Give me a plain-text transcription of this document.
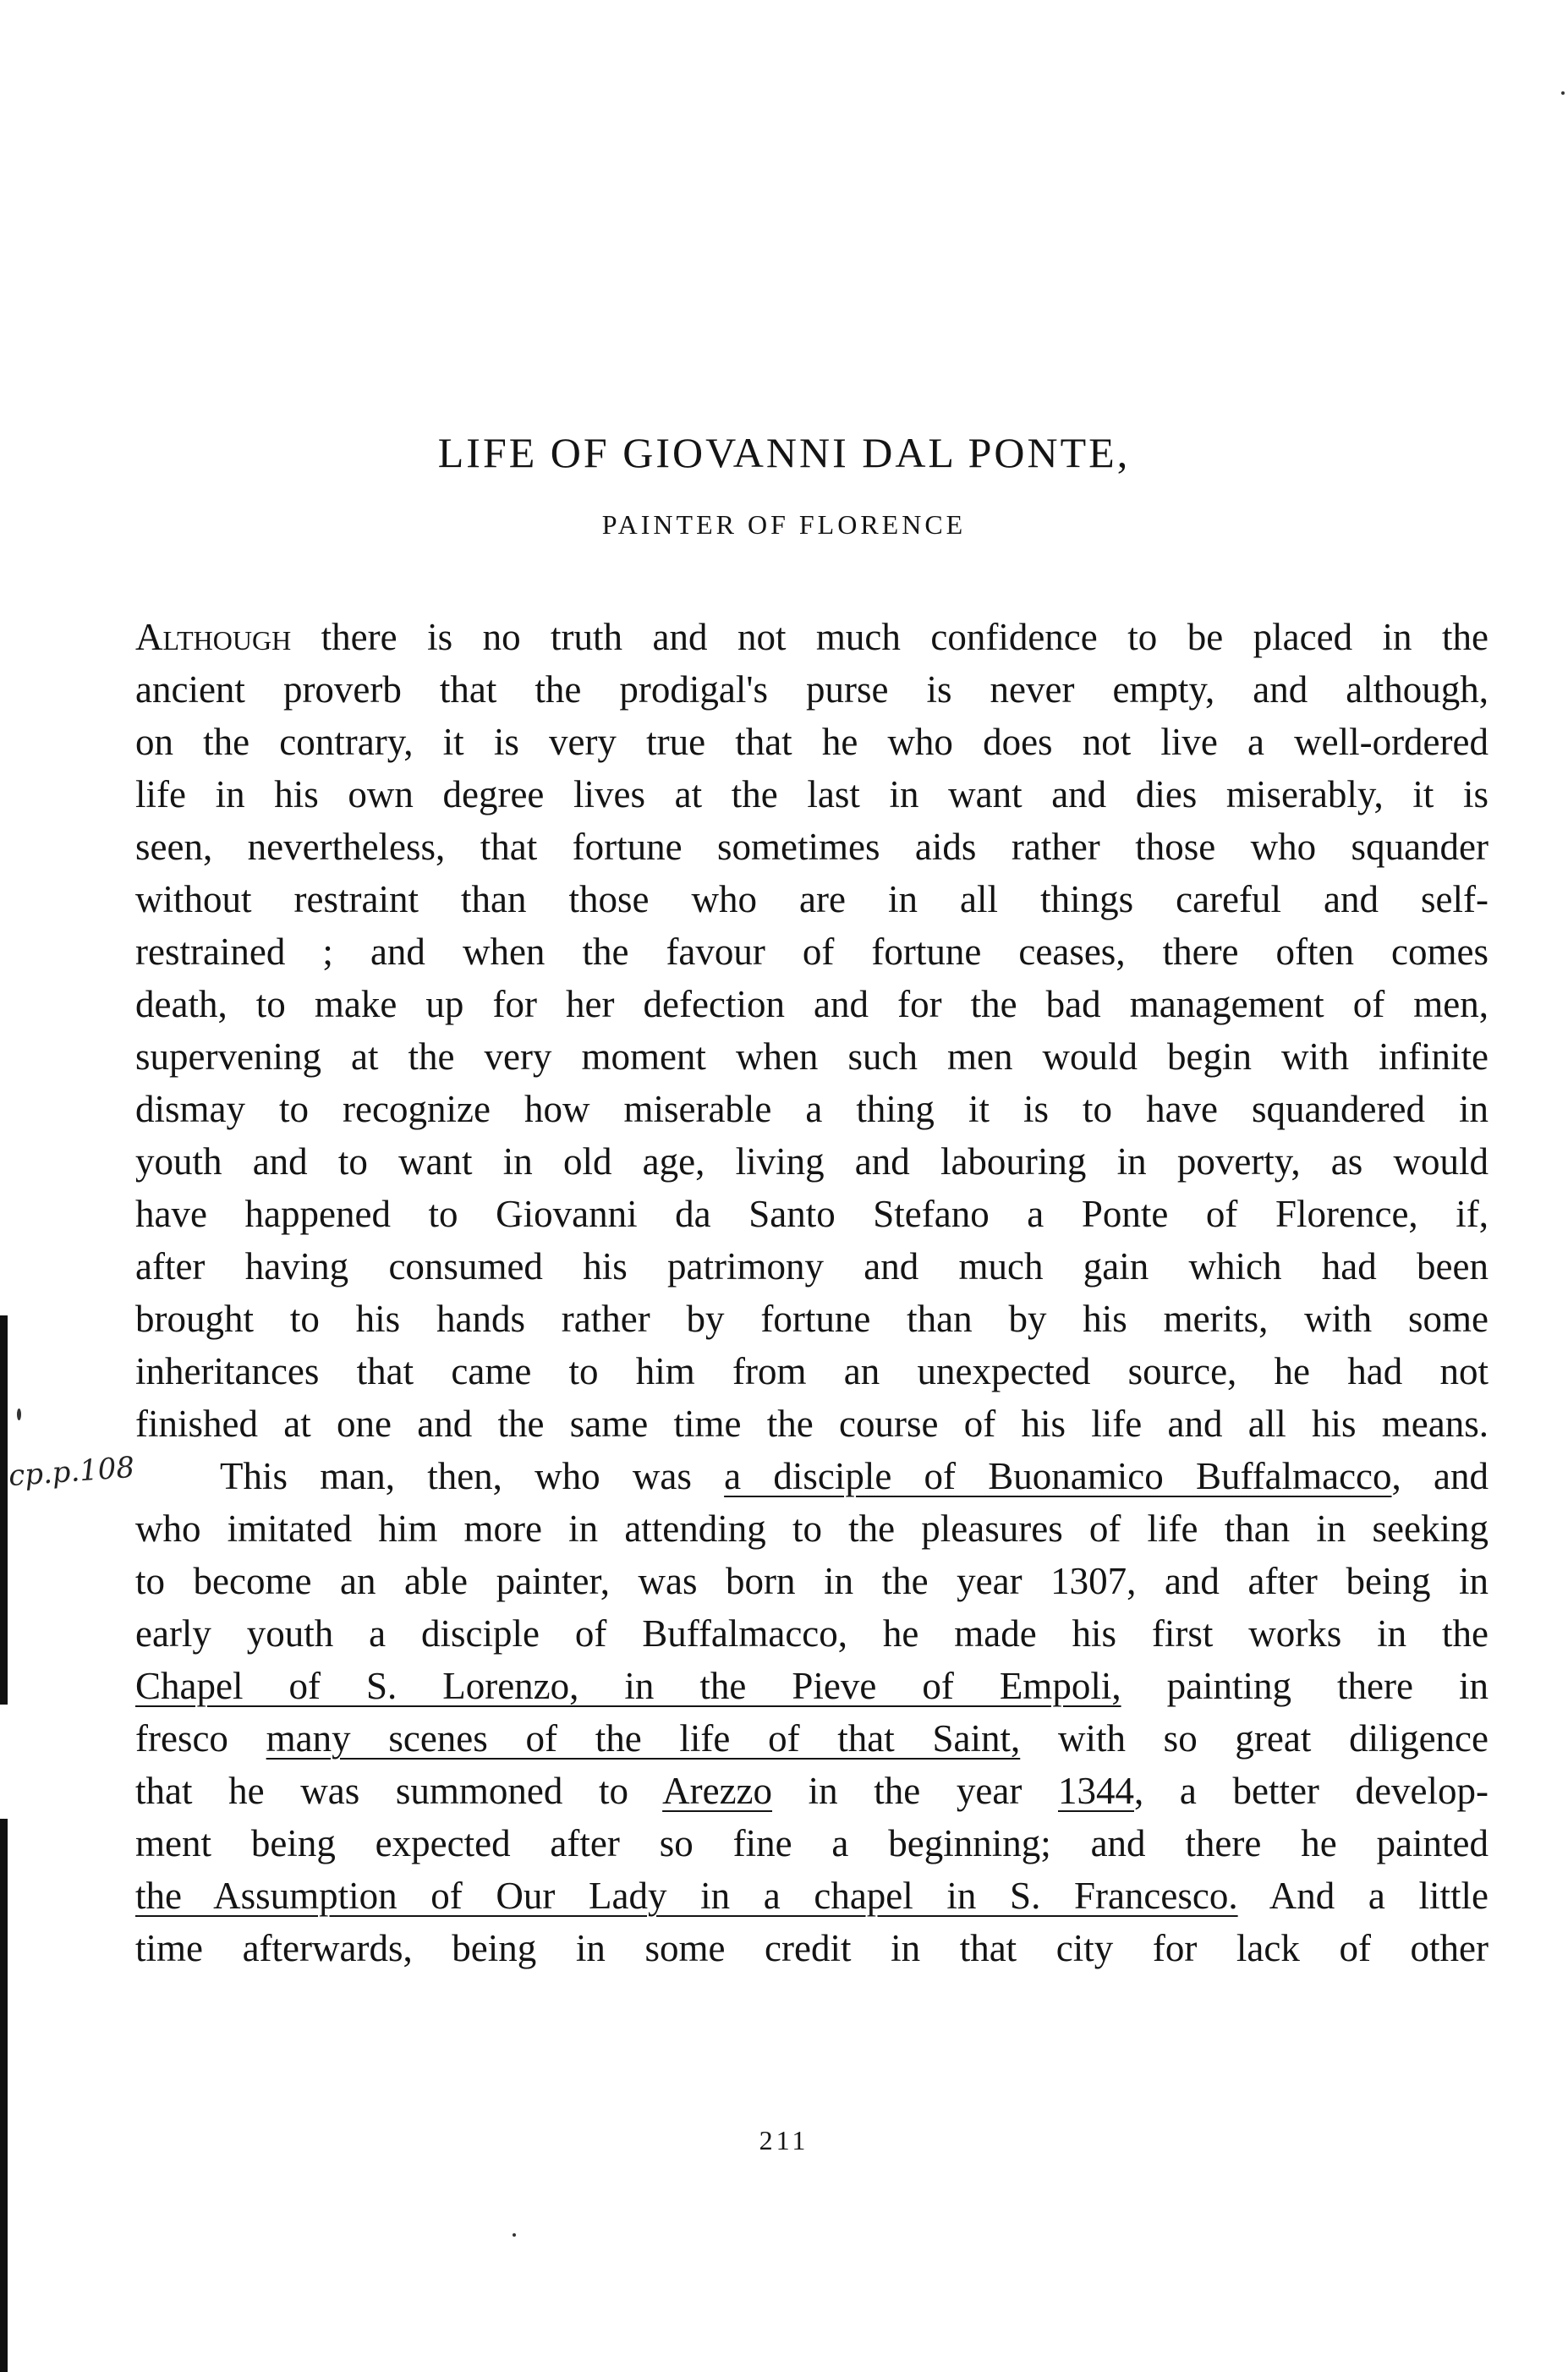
LIFE OF GIOVANNI DAL PONTE,
PAINTER OF FLORENCE
cp.p.108
Although there is no truth and not much confidence to be placed in the
ancient proverb that the prodigal's purse is never empty, and although,
on the contrary, it is very true that he who does not live a well-ordered
life in his own degree lives at the last in want and dies miserably, it is
seen, nevertheless, that fortune sometimes aids rather those who squander
without restraint than those who are in all things careful and self-
restrained ; and when the favour of fortune ceases, there often comes
death, to make up for her defection and for the bad management of men,
supervening at the very moment when such men would begin with infinite
dismay to recognize how miserable a thing it is to have squandered in
youth and to want in old age, living and labouring in poverty, as would
have happened to Giovanni da Santo Stefano a Ponte of Florence, if,
after having consumed his patrimony and much gain which had been
brought to his hands rather by fortune than by his merits, with some
inheritances that came to him from an unexpected source, he had not
finished at one and the same time the course of his life and all his means.
This man, then, who was a disciple of Buonamico Buffalmacco, and
who imitated him more in attending to the pleasures of life than in seeking
to become an able painter, was born in the year 1307, and after being in
early youth a disciple of Buffalmacco, he made his first works in the
Chapel of S. Lorenzo, in the Pieve of Empoli, painting there in
fresco many scenes of the life of that Saint, with so great diligence
that he was summoned to Arezzo in the year 1344, a better develop-
ment being expected after so fine a beginning; and there he painted
the Assumption of Our Lady in a chapel in S. Francesco. And a little
time afterwards, being in some credit in that city for lack of other
211
